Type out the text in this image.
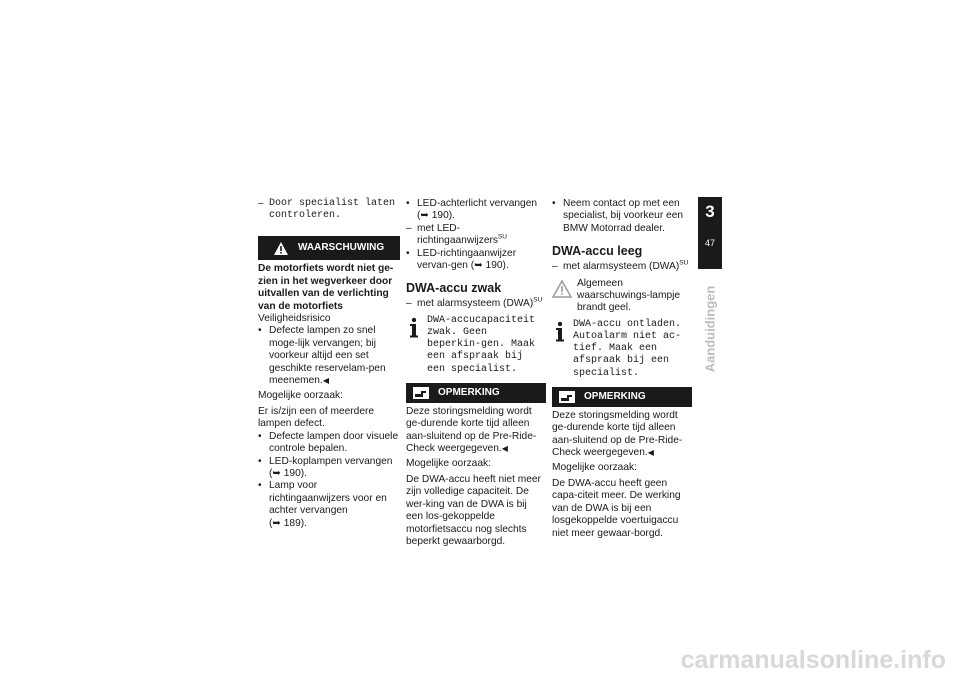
– Door specialist laten controleren.

WAARSCHUWING

De motorfiets wordt niet ge-zien in het wegverkeer door uitvallen van de verlichting van de motorfiets

Veiligheidsrisico

• Defecte lampen zo snel moge-lijk vervangen; bij voorkeur altijd een set geschikte reservelam-pen meenemen.◀

Mogelijke oorzaak:

Er is/zijn een of meerdere lampen defect.

• Defecte lampen door visuele controle bepalen.
• LED-koplampen vervangen
(➥ 190).
• Lamp voor richtingaanwijzers voor en achter vervangen
(➥ 189).
• LED-achterlicht vervangen
(➥ 190).

– met LED-richtingaanwijzers$^{SU}$

• LED-richtingaanwijzer vervan-gen (➥ 190).
DWA-accu zwak

– met alarmsysteem (DWA)$^{SU}$

DWA-accucapaciteit zwak. Geen beperkin-gen. Maak een afspraak bij een specialist.
OPMERKING

Deze storingsmelding wordt ge-durende korte tijd alleen aan-sluitend op de Pre-Ride-Check weergegeven.◀

Mogelijke oorzaak:

De DWA-accu heeft niet meer zijn volledige capaciteit. De wer-king van de DWA is bij een los-gekoppelde motorfietsaccu nog slechts beperkt gewaarborgd.

• Neem contact op met een specialist, bij voorkeur een BMW Motorrad dealer.
DWA-accu leeg

– met alarmsysteem (DWA)$^{SU}$

Algemeen waarschuwings-lampje brandt geel.
DWA-accu ontladen. Autoalarm niet ac-tief. Maak een afspraak bij een specialist.
OPMERKING

Deze storingsmelding wordt ge-durende korte tijd alleen aan-sluitend op de Pre-Ride-Check weergegeven.◀

Mogelijke oorzaak:

De DWA-accu heeft geen capa-citeit meer. De werking van de DWA is bij een losgekoppelde voertuigaccu niet meer gewaar-borgd.

3
47
Aanduidingen
carmanualsonline.info
